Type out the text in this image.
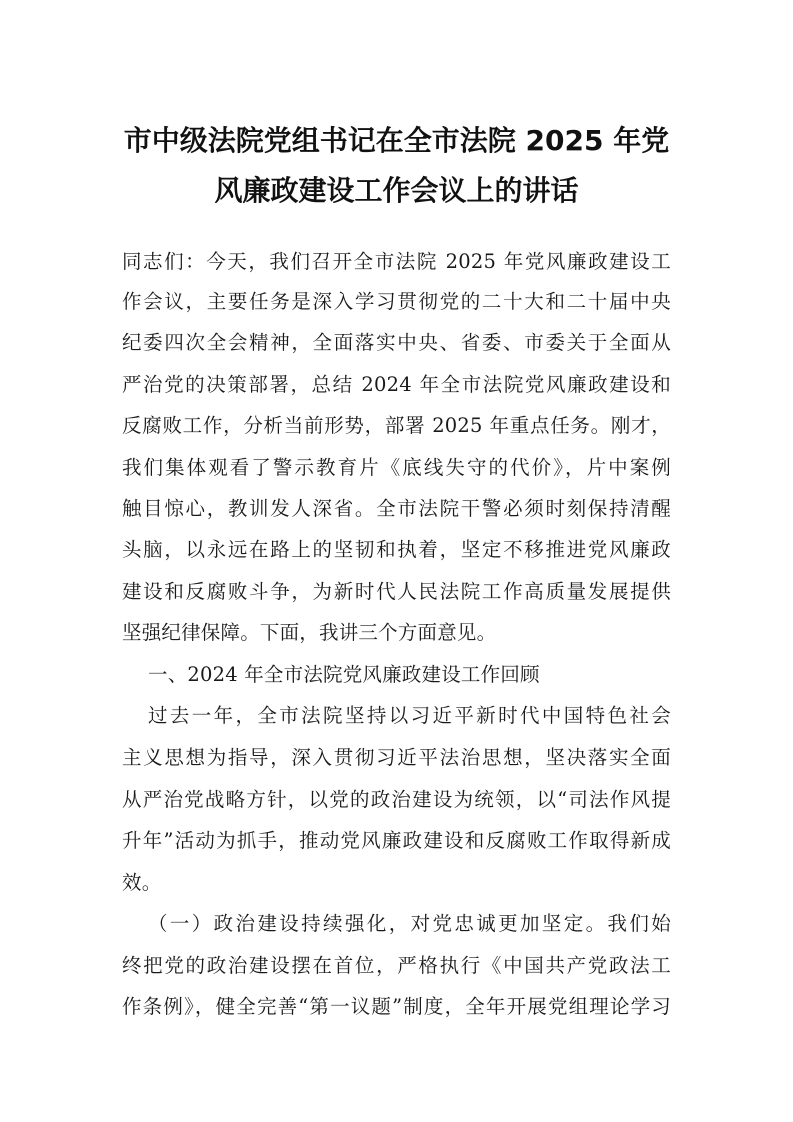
市中级法院党组书记在全市法院 2025 年党
风廉政建设工作会议上的讲话
同志们：今天，我们召开全市法院 2025 年党风廉政建设工
作会议，主要任务是深入学习贯彻党的二十大和二十届中央
纪委四次全会精神，全面落实中央、省委、市委关于全面从
严治党的决策部署，总结 2024 年全市法院党风廉政建设和
反腐败工作，分析当前形势，部署 2025 年重点任务。刚才，
我们集体观看了警示教育片《底线失守的代价》，片中案例
触目惊心，教训发人深省。全市法院干警必须时刻保持清醒
头脑，以永远在路上的坚韧和执着，坚定不移推进党风廉政
建设和反腐败斗争，为新时代人民法院工作高质量发展提供
坚强纪律保障。下面，我讲三个方面意见。
一、2024 年全市法院党风廉政建设工作回顾
过去一年，全市法院坚持以习近平新时代中国特色社会
主义思想为指导，深入贯彻习近平法治思想，坚决落实全面
从严治党战略方针，以党的政治建设为统领，以“司法作风提
升年”活动为抓手，推动党风廉政建设和反腐败工作取得新成
效。
（一）政治建设持续强化，对党忠诚更加坚定。我们始
终把党的政治建设摆在首位，严格执行《中国共产党政法工
作条例》，健全完善“第一议题”制度，全年开展党组理论学习
